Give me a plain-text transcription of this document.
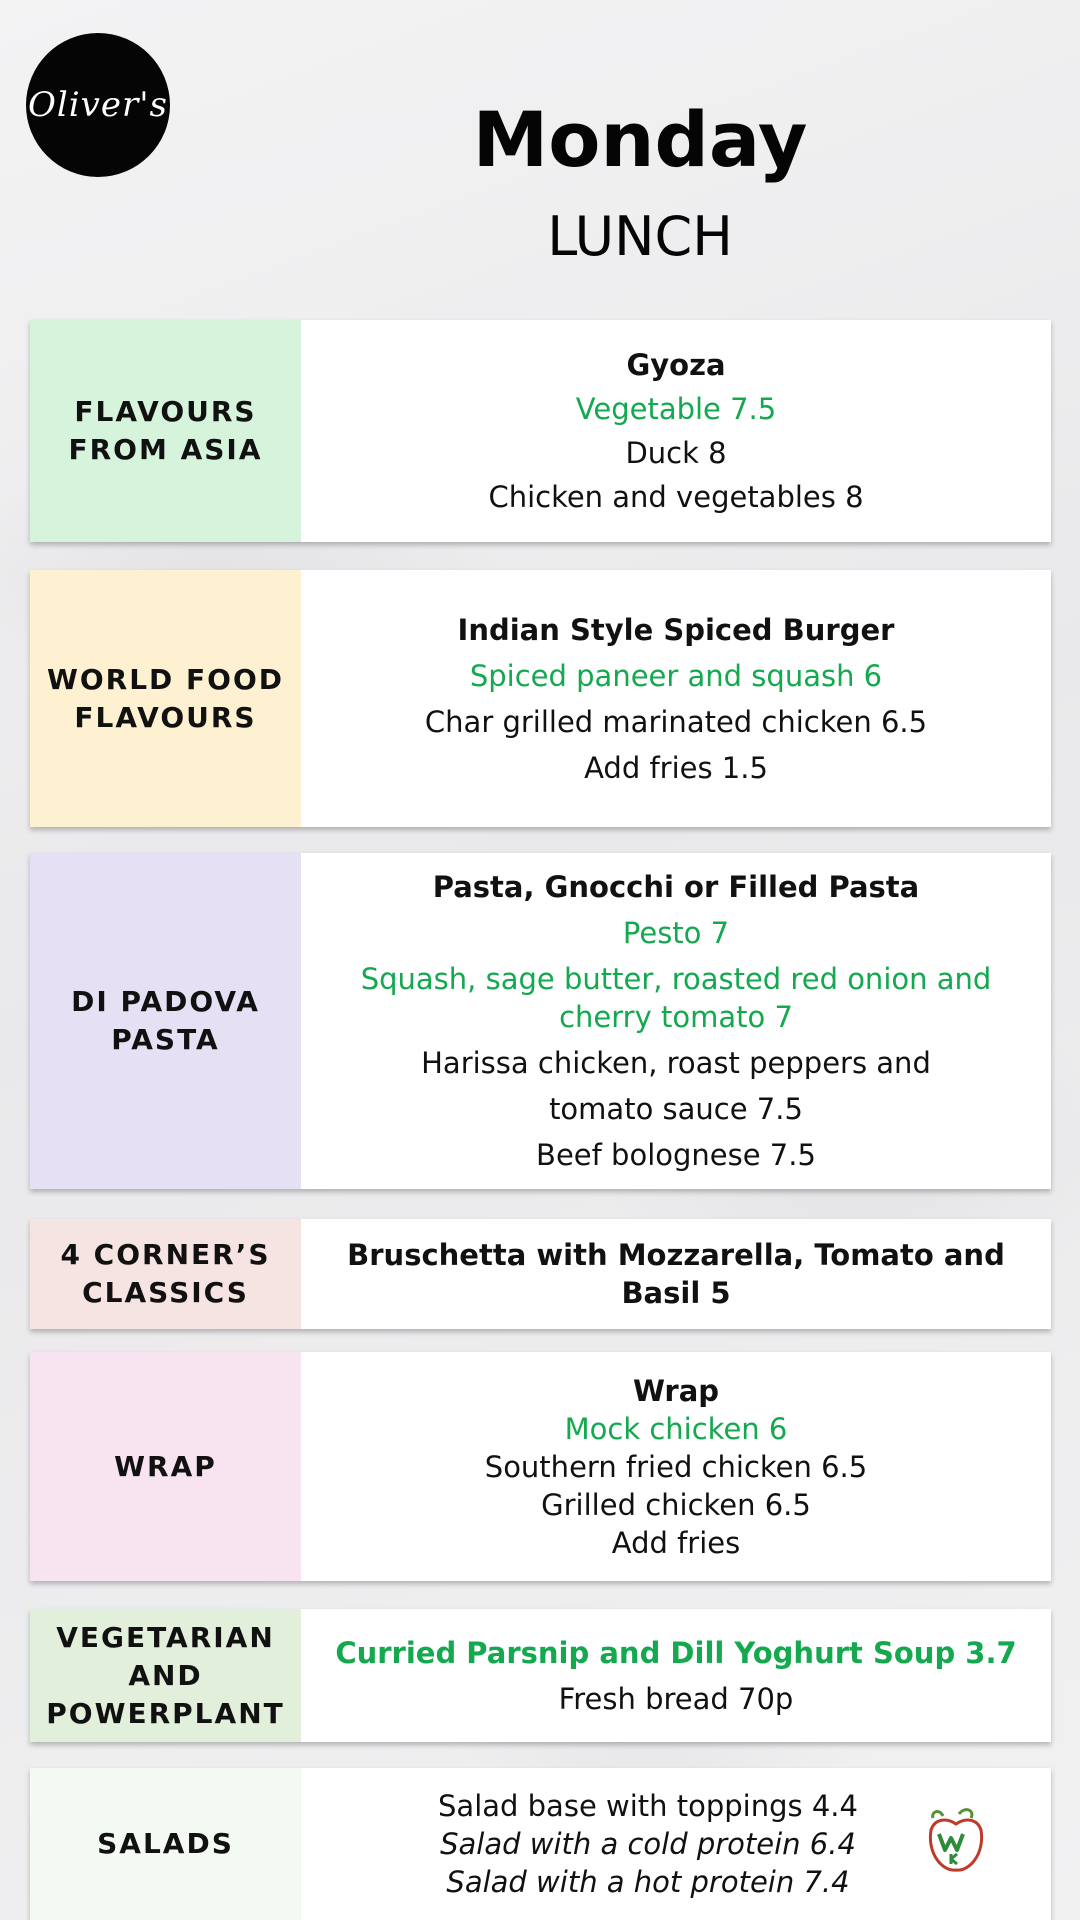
Oliver's	Monday
LUNCH
FLAVOURS FROM ASIA
Gyoza
Vegetable 7.5
Duck 8
Chicken and vegetables 8
WORLD FOOD FLAVOURS
Indian Style Spiced Burger
Spiced paneer and squash 6
Char grilled marinated chicken 6.5
Add fries 1.5
DI PADOVA PASTA
Pasta, Gnocchi or Filled Pasta
Pesto 7
Squash, sage butter, roasted red onion and cherry tomato 7
Harissa chicken, roast peppers and
tomato sauce 7.5
Beef bolognese 7.5
4 CORNER’S CLASSICS
Bruschetta with Mozzarella, Tomato and Basil 5
WRAP
Wrap
Mock chicken 6
Southern fried chicken 6.5
Grilled chicken 6.5
Add fries
VEGETARIAN AND POWERPLANT
Curried Parsnip and Dill Yoghurt Soup 3.7
Fresh bread 70p
SALADS
Salad base with toppings 4.4
Salad with a cold protein 6.4
Salad with a hot protein 7.4
